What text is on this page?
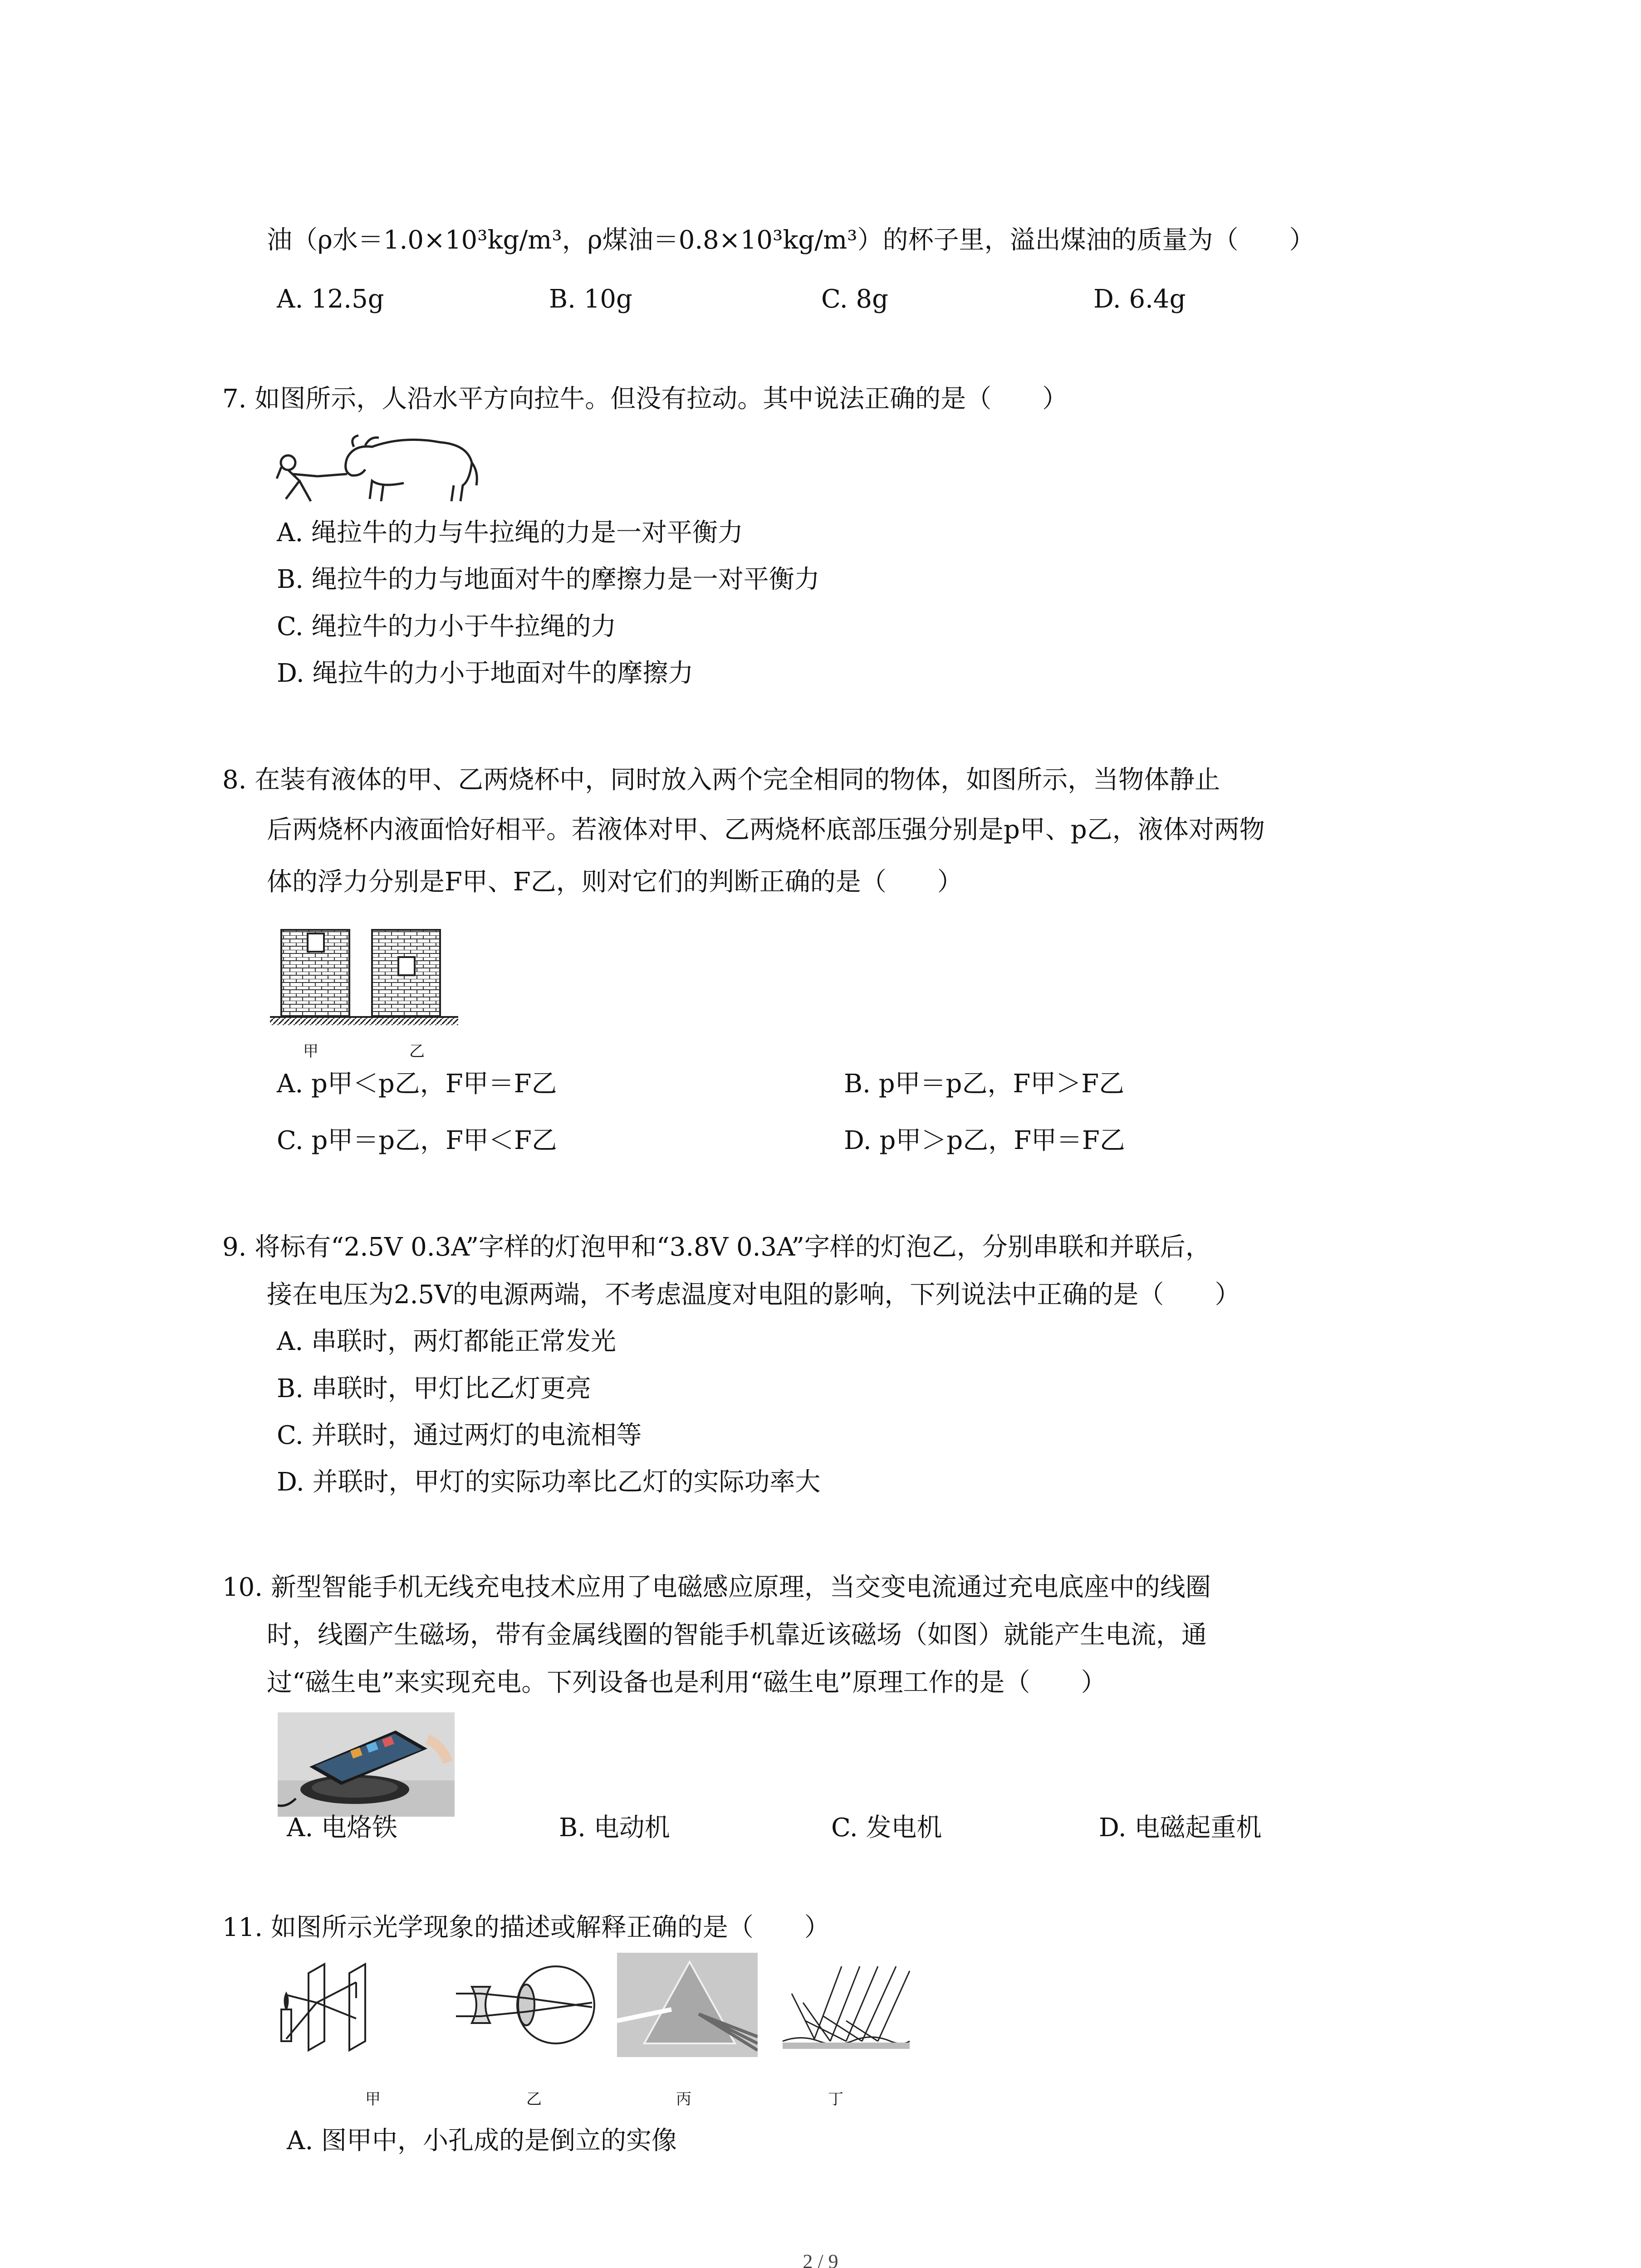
油（ρ水＝1.0×10³kg/m³，ρ煤油＝0.8×10³kg/m³）的杯子里，溢出煤油的质量为（　　）
A. 12.5g	B. 10g	C. 8g	D. 6.4g
7. 如图所示，人沿水平方向拉牛。但没有拉动。其中说法正确的是（　　）
A. 绳拉牛的力与牛拉绳的力是一对平衡力
B. 绳拉牛的力与地面对牛的摩擦力是一对平衡力
C. 绳拉牛的力小于牛拉绳的力
D. 绳拉牛的力小于地面对牛的摩擦力
8. 在装有液体的甲、乙两烧杯中，同时放入两个完全相同的物体，如图所示，当物体静止
后两烧杯内液面恰好相平。若液体对甲、乙两烧杯底部压强分别是p甲、p乙，液体对两物
体的浮力分别是F甲、F乙，则对它们的判断正确的是（　　）
甲	乙
A. p甲＜p乙，F甲＝F乙	B. p甲＝p乙，F甲＞F乙
C. p甲＝p乙，F甲＜F乙	D. p甲＞p乙，F甲＝F乙
9. 将标有“2.5V 0.3A”字样的灯泡甲和“3.8V 0.3A”字样的灯泡乙，分别串联和并联后，
接在电压为2.5V的电源两端，不考虑温度对电阻的影响，下列说法中正确的是（　　）
A. 串联时，两灯都能正常发光
B. 串联时，甲灯比乙灯更亮
C. 并联时，通过两灯的电流相等
D. 并联时，甲灯的实际功率比乙灯的实际功率大
10. 新型智能手机无线充电技术应用了电磁感应原理，当交变电流通过充电底座中的线圈
时，线圈产生磁场，带有金属线圈的智能手机靠近该磁场（如图）就能产生电流，通
过“磁生电”来实现充电。下列设备也是利用“磁生电”原理工作的是（　　）
A. 电烙铁	B. 电动机	C. 发电机	D. 电磁起重机
11. 如图所示光学现象的描述或解释正确的是（　　）
甲	乙	丙	丁
A. 图甲中，小孔成的是倒立的实像
2 / 9
